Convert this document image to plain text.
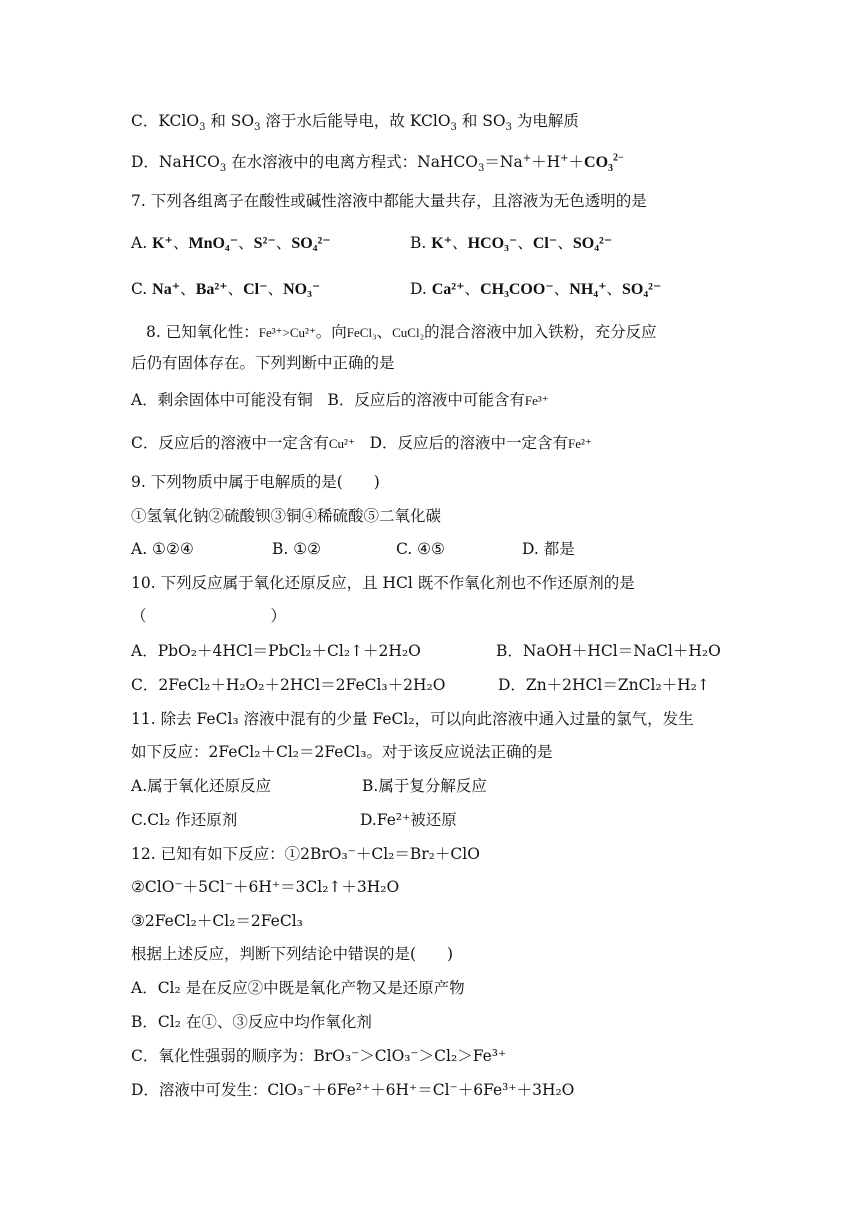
C．KClO$_3$ 和 $SO_3$ 溶于水后能导电，故 KClO$_3$ 和 $SO_3$ 为电解质
D．NaHCO$_3$ 在水溶液中的电离方程式：$NaHCO_3=Na^++H^++CO_3^{2-}$
7. 下列各组离子在酸性或碱性溶液中都能大量共存，且溶液为无色透明的是
A. K⁺、MnO₄⁻、S²⁻、SO₄²⁻	B. K⁺、HCO₃⁻、Cl⁻、SO₄²⁻
C. Na⁺、Ba²⁺、Cl⁻、NO₃⁻	D. Ca²⁺、CH₃COO⁻、NH₄⁺、SO₄²⁻
8. 已知氧化性：Fe³⁺>Cu²⁺。向FeCl₃、CuCl₂的混合溶液中加入铁粉，充分反应
后仍有固体存在。下列判断中正确的是
A．剩余固体中可能没有铜 B．反应后的溶液中可能含有Fe³⁺
C．反应后的溶液中一定含有Cu²⁺ D．反应后的溶液中一定含有Fe²⁺
9. 下列物质中属于电解质的是(　　)
①氢氧化钠②硫酸钡③铜④稀硫酸⑤二氧化碳
A. ①②④	B. ①②	C. ④⑤	D. 都是
10. 下列反应属于氧化还原反应，且 HCl 既不作氧化剂也不作还原剂的是
（　　　　　　　　）
A．PbO₂＋4HCl＝PbCl₂＋Cl₂↑＋2H₂O	B．NaOH＋HCl＝NaCl＋H₂O
C．2FeCl₂＋H₂O₂＋2HCl＝2FeCl₃＋2H₂O	D．Zn＋2HCl＝ZnCl₂＋H₂↑
11. 除去 FeCl₃ 溶液中混有的少量 FeCl₂，可以向此溶液中通入过量的氯气，发生
如下反应：2FeCl₂＋Cl₂＝2FeCl₃。对于该反应说法正确的是
A.属于氧化还原反应	B.属于复分解反应
C.Cl₂ 作还原剂	D.Fe²⁺被还原
12. 已知有如下反应：①2BrO₃⁻＋Cl₂＝Br₂＋ClO
②ClO⁻＋5Cl⁻＋6H⁺＝3Cl₂↑＋3H₂O
③2FeCl₂＋Cl₂＝2FeCl₃
根据上述反应，判断下列结论中错误的是(　　)
A．Cl₂ 是在反应②中既是氧化产物又是还原产物
B．Cl₂ 在①、③反应中均作氧化剂
C．氧化性强弱的顺序为：BrO₃⁻＞ClO₃⁻＞Cl₂＞Fe³⁺
D．溶液中可发生：ClO₃⁻＋6Fe²⁺＋6H⁺＝Cl⁻＋6Fe³⁺＋3H₂O
